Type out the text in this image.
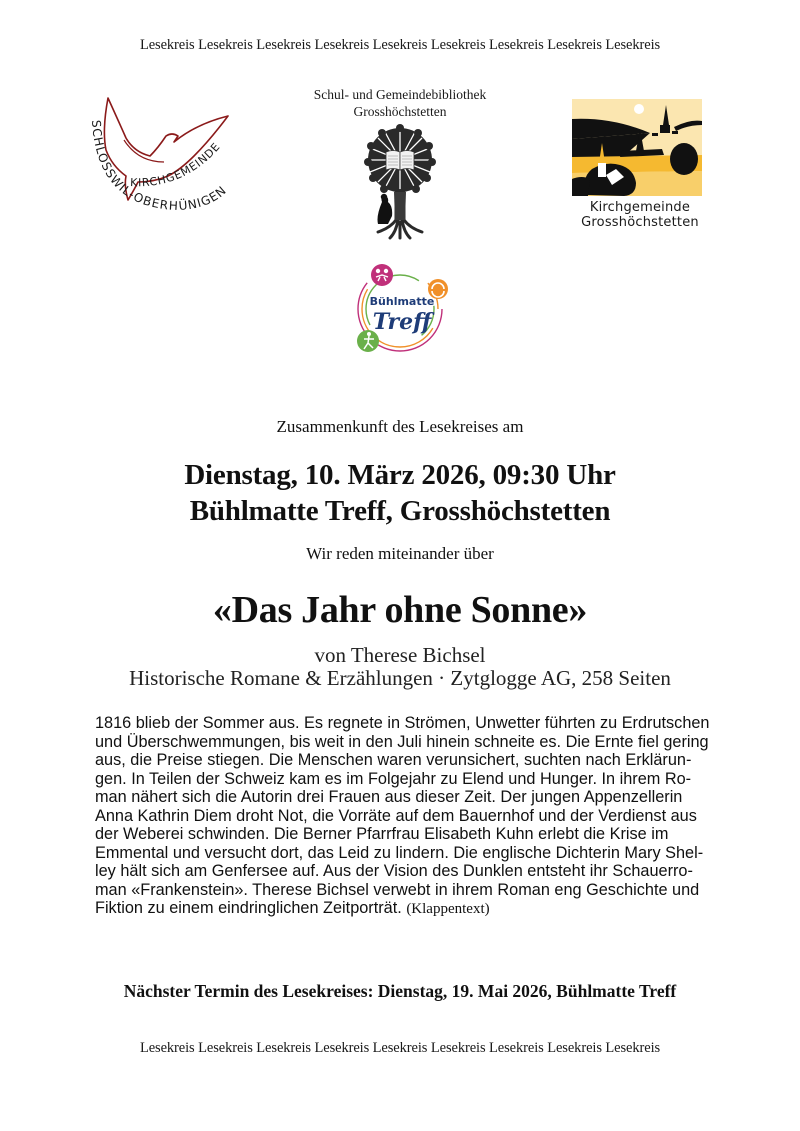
Lesekreis Lesekreis Lesekreis Lesekreis Lesekreis Lesekreis Lesekreis Lesekreis Lesekreis
SCHLOSSWIL-OBERHÜNIGEN
KIRCHGEMEINDE
Schul- und Gemeindebibliothek
Grosshöchstetten
Kirchgemeinde Grosshöchstetten
Bühlmatte
Treff
Zusammenkunft des Lesekreises am
Dienstag, 10. März 2026, 09:30 Uhr
Bühlmatte Treff, Grosshöchstetten
Wir reden miteinander über
«Das Jahr ohne Sonne»
von Therese Bichsel
Historische Romane & Erzählungen · Zytglogge AG, 258 Seiten
1816 blieb der Sommer aus. Es regnete in Strömen, Unwetter führten zu Erdrutschen
und Überschwemmungen, bis weit in den Juli hinein schneite es. Die Ernte fiel gering
aus, die Preise stiegen. Die Menschen waren verunsichert, suchten nach Erklärun-
gen. In Teilen der Schweiz kam es im Folgejahr zu Elend und Hunger. In ihrem Ro-
man nähert sich die Autorin drei Frauen aus dieser Zeit. Der jungen Appenzellerin
Anna Kathrin Diem droht Not, die Vorräte auf dem Bauernhof und der Verdienst aus
der Weberei schwinden. Die Berner Pfarrfrau Elisabeth Kuhn erlebt die Krise im
Emmental und versucht dort, das Leid zu lindern. Die englische Dichterin Mary Shel-
ley hält sich am Genfersee auf. Aus der Vision des Dunklen entsteht ihr Schauerro-
man «Frankenstein». Therese Bichsel verwebt in ihrem Roman eng Geschichte und
Fiktion zu einem eindringlichen Zeitporträt. (Klappentext)
Nächster Termin des Lesekreises: Dienstag, 19. Mai 2026, Bühlmatte Treff
Lesekreis Lesekreis Lesekreis Lesekreis Lesekreis Lesekreis Lesekreis Lesekreis Lesekreis
